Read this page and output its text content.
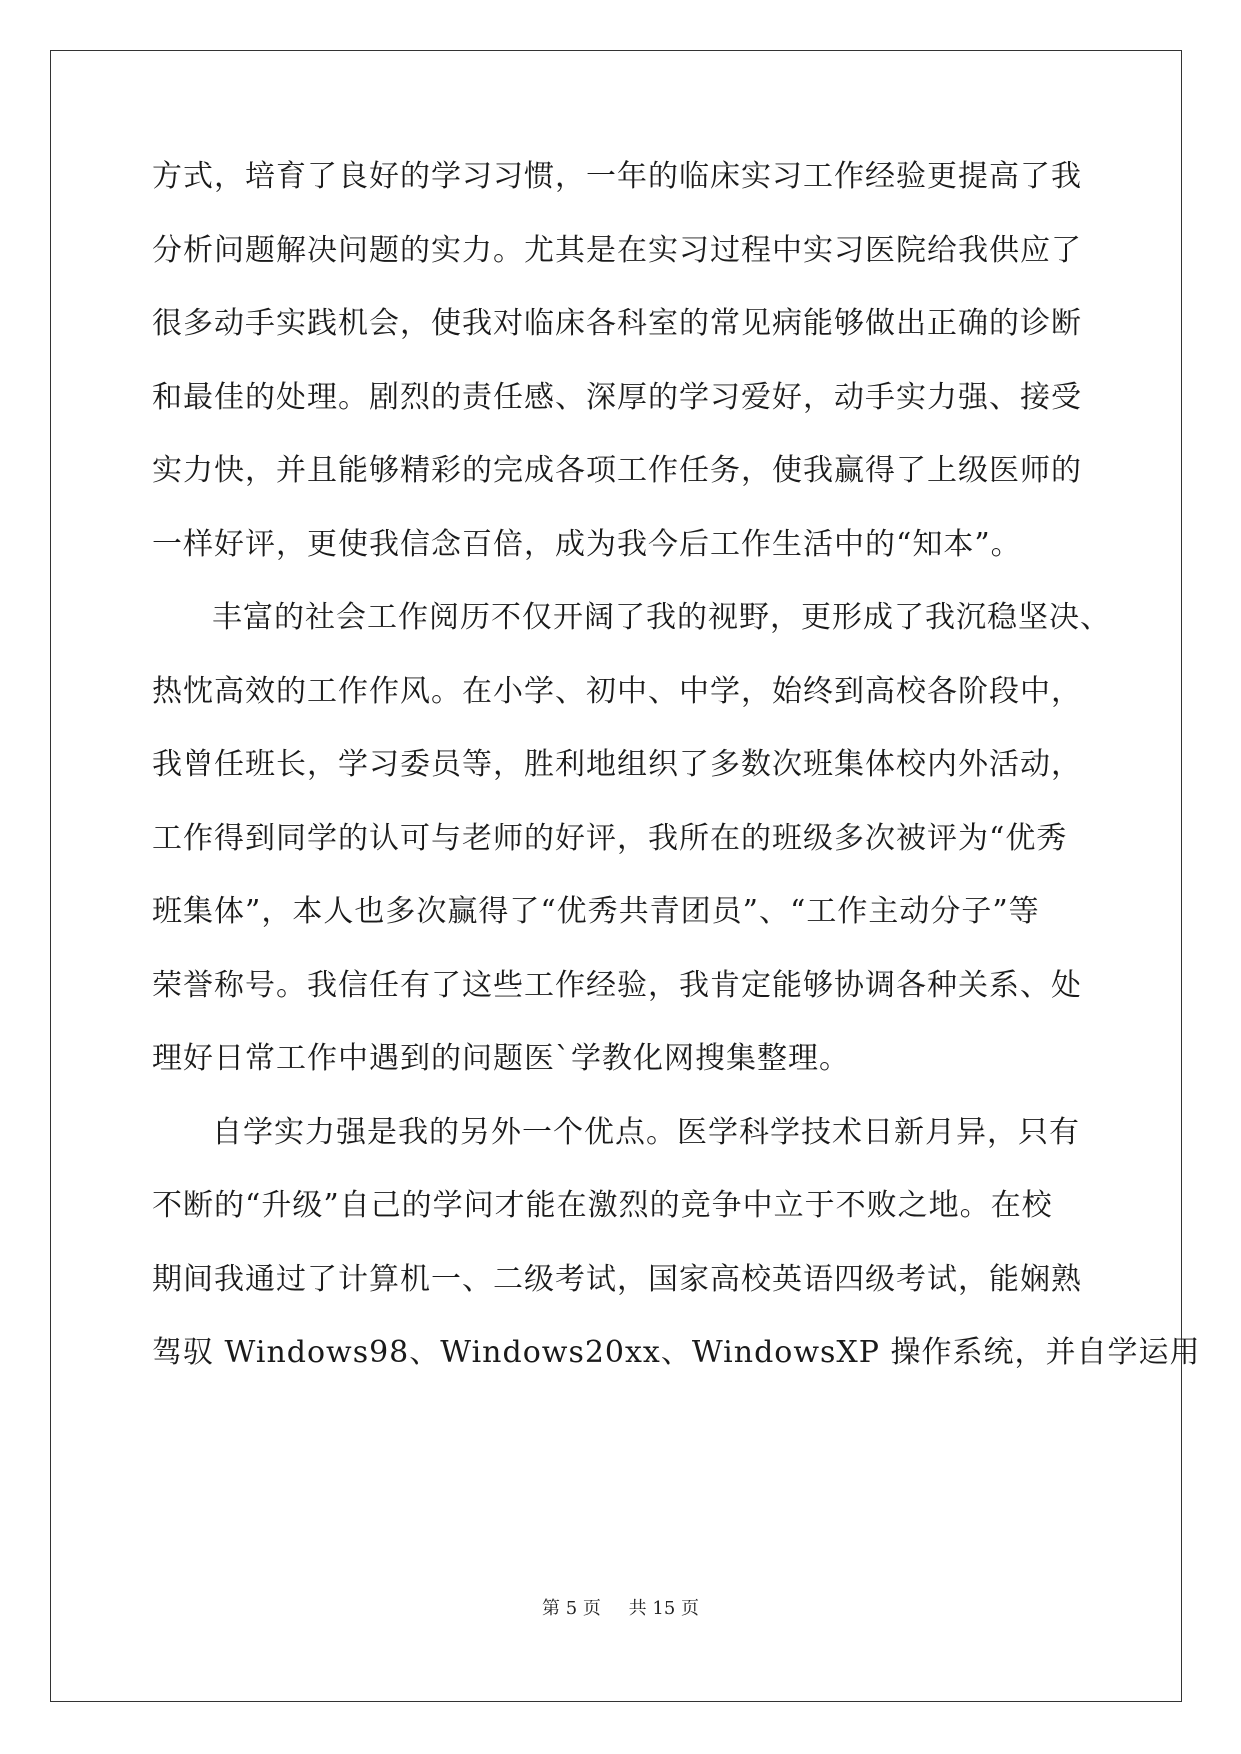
方式，培育了良好的学习习惯，一年的临床实习工作经验更提高了我
分析问题解决问题的实力。尤其是在实习过程中实习医院给我供应了
很多动手实践机会，使我对临床各科室的常见病能够做出正确的诊断
和最佳的处理。剧烈的责任感、深厚的学习爱好，动手实力强、接受
实力快，并且能够精彩的完成各项工作任务，使我赢得了上级医师的
一样好评，更使我信念百倍，成为我今后工作生活中的“知本”。
丰富的社会工作阅历不仅开阔了我的视野，更形成了我沉稳坚决、
热忱高效的工作作风。在小学、初中、中学，始终到高校各阶段中，
我曾任班长，学习委员等，胜利地组织了多数次班集体校内外活动，
工作得到同学的认可与老师的好评，我所在的班级多次被评为“优秀
班集体”，本人也多次赢得了“优秀共青团员”、“工作主动分子”等
荣誉称号。我信任有了这些工作经验，我肯定能够协调各种关系、处
理好日常工作中遇到的问题医`学教化网搜集整理。
自学实力强是我的另外一个优点。医学科学技术日新月异，只有
不断的“升级”自己的学问才能在激烈的竞争中立于不败之地。在校
期间我通过了计算机一、二级考试，国家高校英语四级考试，能娴熟
驾驭 Windows98、Windows20xx、WindowsXP 操作系统，并自学运用
第 5 页 共 15 页
